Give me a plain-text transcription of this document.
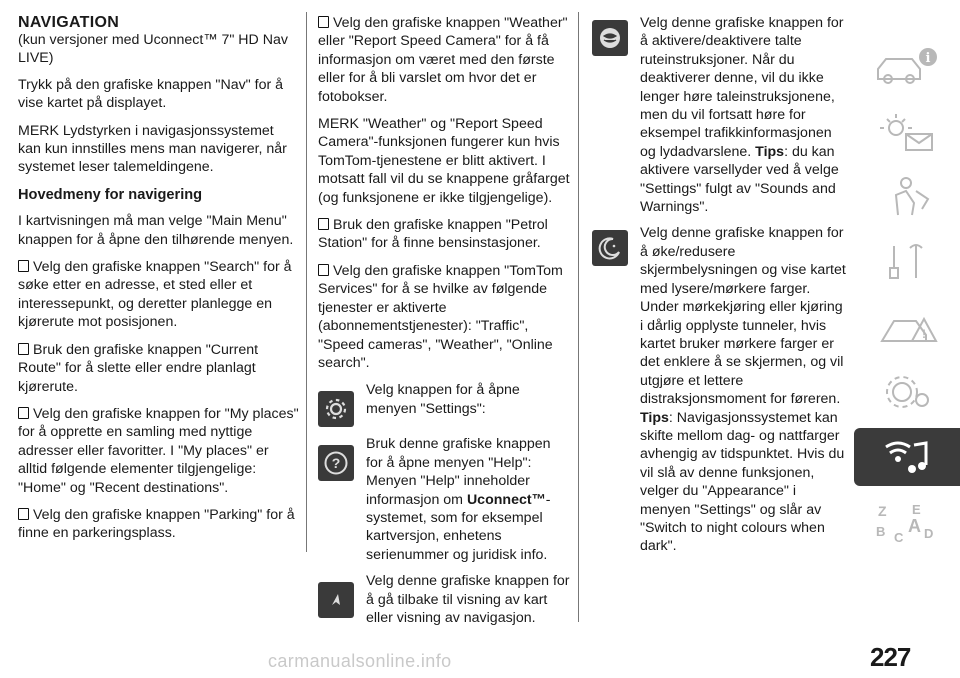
NAVIGATION

(kun versjoner med Uconnect™ 7" HD Nav LIVE)

Trykk på den grafiske knappen "Nav" for å vise kartet på displayet.

MERK Lydstyrken i navigasjonssystemet kan kun innstilles mens man navigerer, når systemet leser talemeldingene.

Hovedmeny for navigering

I kartvisningen må man velge "Main Menu" knappen for å åpne den tilhørende menyen.

Velg den grafiske knappen "Search" for å søke etter en adresse, et sted eller et interessepunkt, og deretter planlegge en kjørerute mot posisjonen.

Bruk den grafiske knappen "Current Route" for å slette eller endre planlagt kjørerute.

Velg den grafiske knappen for "My places" for å opprette en samling med nyttige adresser eller favoritter. I "My places" er alltid følgende elementer tilgjengelige: "Home" og "Recent destinations".

Velg den grafiske knappen "Parking" for å finne en parkeringsplass.

Velg den grafiske knappen "Weather" eller "Report Speed Camera" for å få informasjon om været med den første eller for å bli varslet om hvor det er fotobokser.

MERK "Weather" og "Report Speed Camera"-funksjonen fungerer kun hvis TomTom-tjenestene er blitt aktivert. I motsatt fall vil du se knappene gråfarget (og funksjonene er ikke tilgjengelige).

Bruk den grafiske knappen "Petrol Station" for å finne bensinstasjoner.

Velg den grafiske knappen "TomTom Services" for å se hvilke av følgende tjenester er aktiverte (abonnementstjenester): "Traffic", "Speed cameras", "Weather", "Online search".

Velg knappen for å åpne menyen "Settings":
?
Bruk denne grafiske knappen for å åpne menyen "Help": Menyen "Help" inneholder informasjon om Uconnect™-systemet, som for eksempel kartversjon, enhetens serienummer og juridisk info.
Velg denne grafiske knappen for å gå tilbake til visning av kart eller visning av navigasjon.
Velg denne grafiske knappen for å aktivere/deaktivere talte ruteinstruksjoner. Når du deaktiverer denne, vil du ikke lenger høre taleinstruksjonene, men du vil fortsatt høre for eksempel trafikkinformasjonen og lydadvarslene. Tips: du kan aktivere varsellyder ved å velge "Settings" fulgt av "Sounds and Warnings".
Velg denne grafiske knappen for å øke/redusere skjermbelysningen og vise kartet med lysere/mørkere farger. Under mørkekjøring eller kjøring i dårlig opplyste tunneler, hvis kartet bruker mørkere farger er det enklere å se skjermen, og vil utgjøre et lettere distraksjonsmoment for føreren. Tips: Navigasjonssystemet kan skifte mellom dag- og nattfarger avhengig av tidspunktet. Hvis du vil slå av denne funksjonen, velger du "Appearance" i menyen "Settings" og slår av "Switch to night colours when dark".
i
!
Z E
B C D
A
227
carmanualsonline.info
